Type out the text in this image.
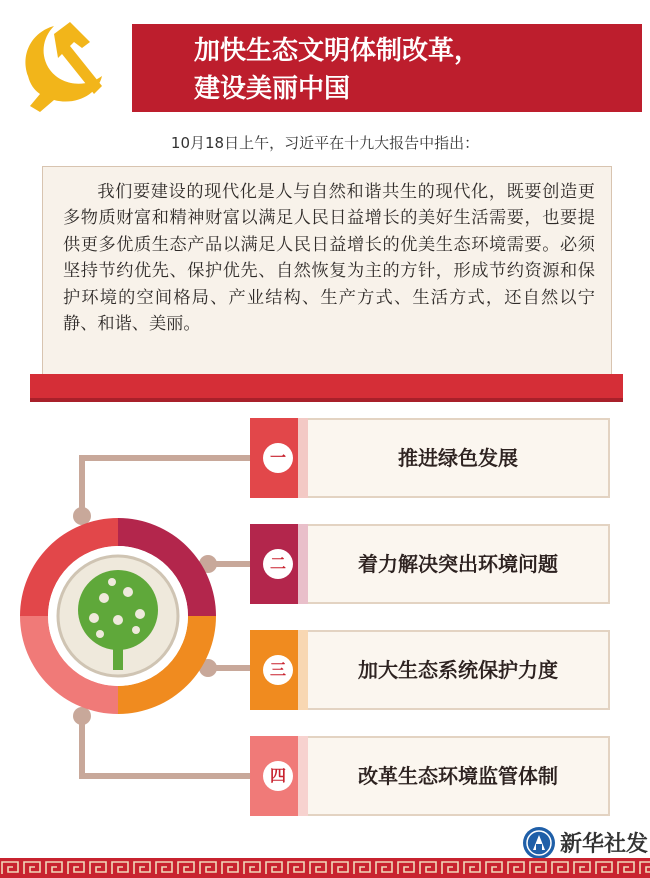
加快生态文明体制改革，
建设美丽中国
10月18日上午，习近平在十九大报告中指出：
我们要建设的现代化是人与自然和谐共生的现代化，既要创造更多物质财富和精神财富以满足人民日益增长的美好生活需要，也要提供更多优质生态产品以满足人民日益增长的优美生态环境需要。必须坚持节约优先、保护优先、自然恢复为主的方针，形成节约资源和保护环境的空间格局、产业结构、生产方式、生活方式，还自然以宁静、和谐、美丽。
一	推进绿色发展
二	着力解决突出环境问题
三	加大生态系统保护力度
四	改革生态环境监管体制
新华社发
